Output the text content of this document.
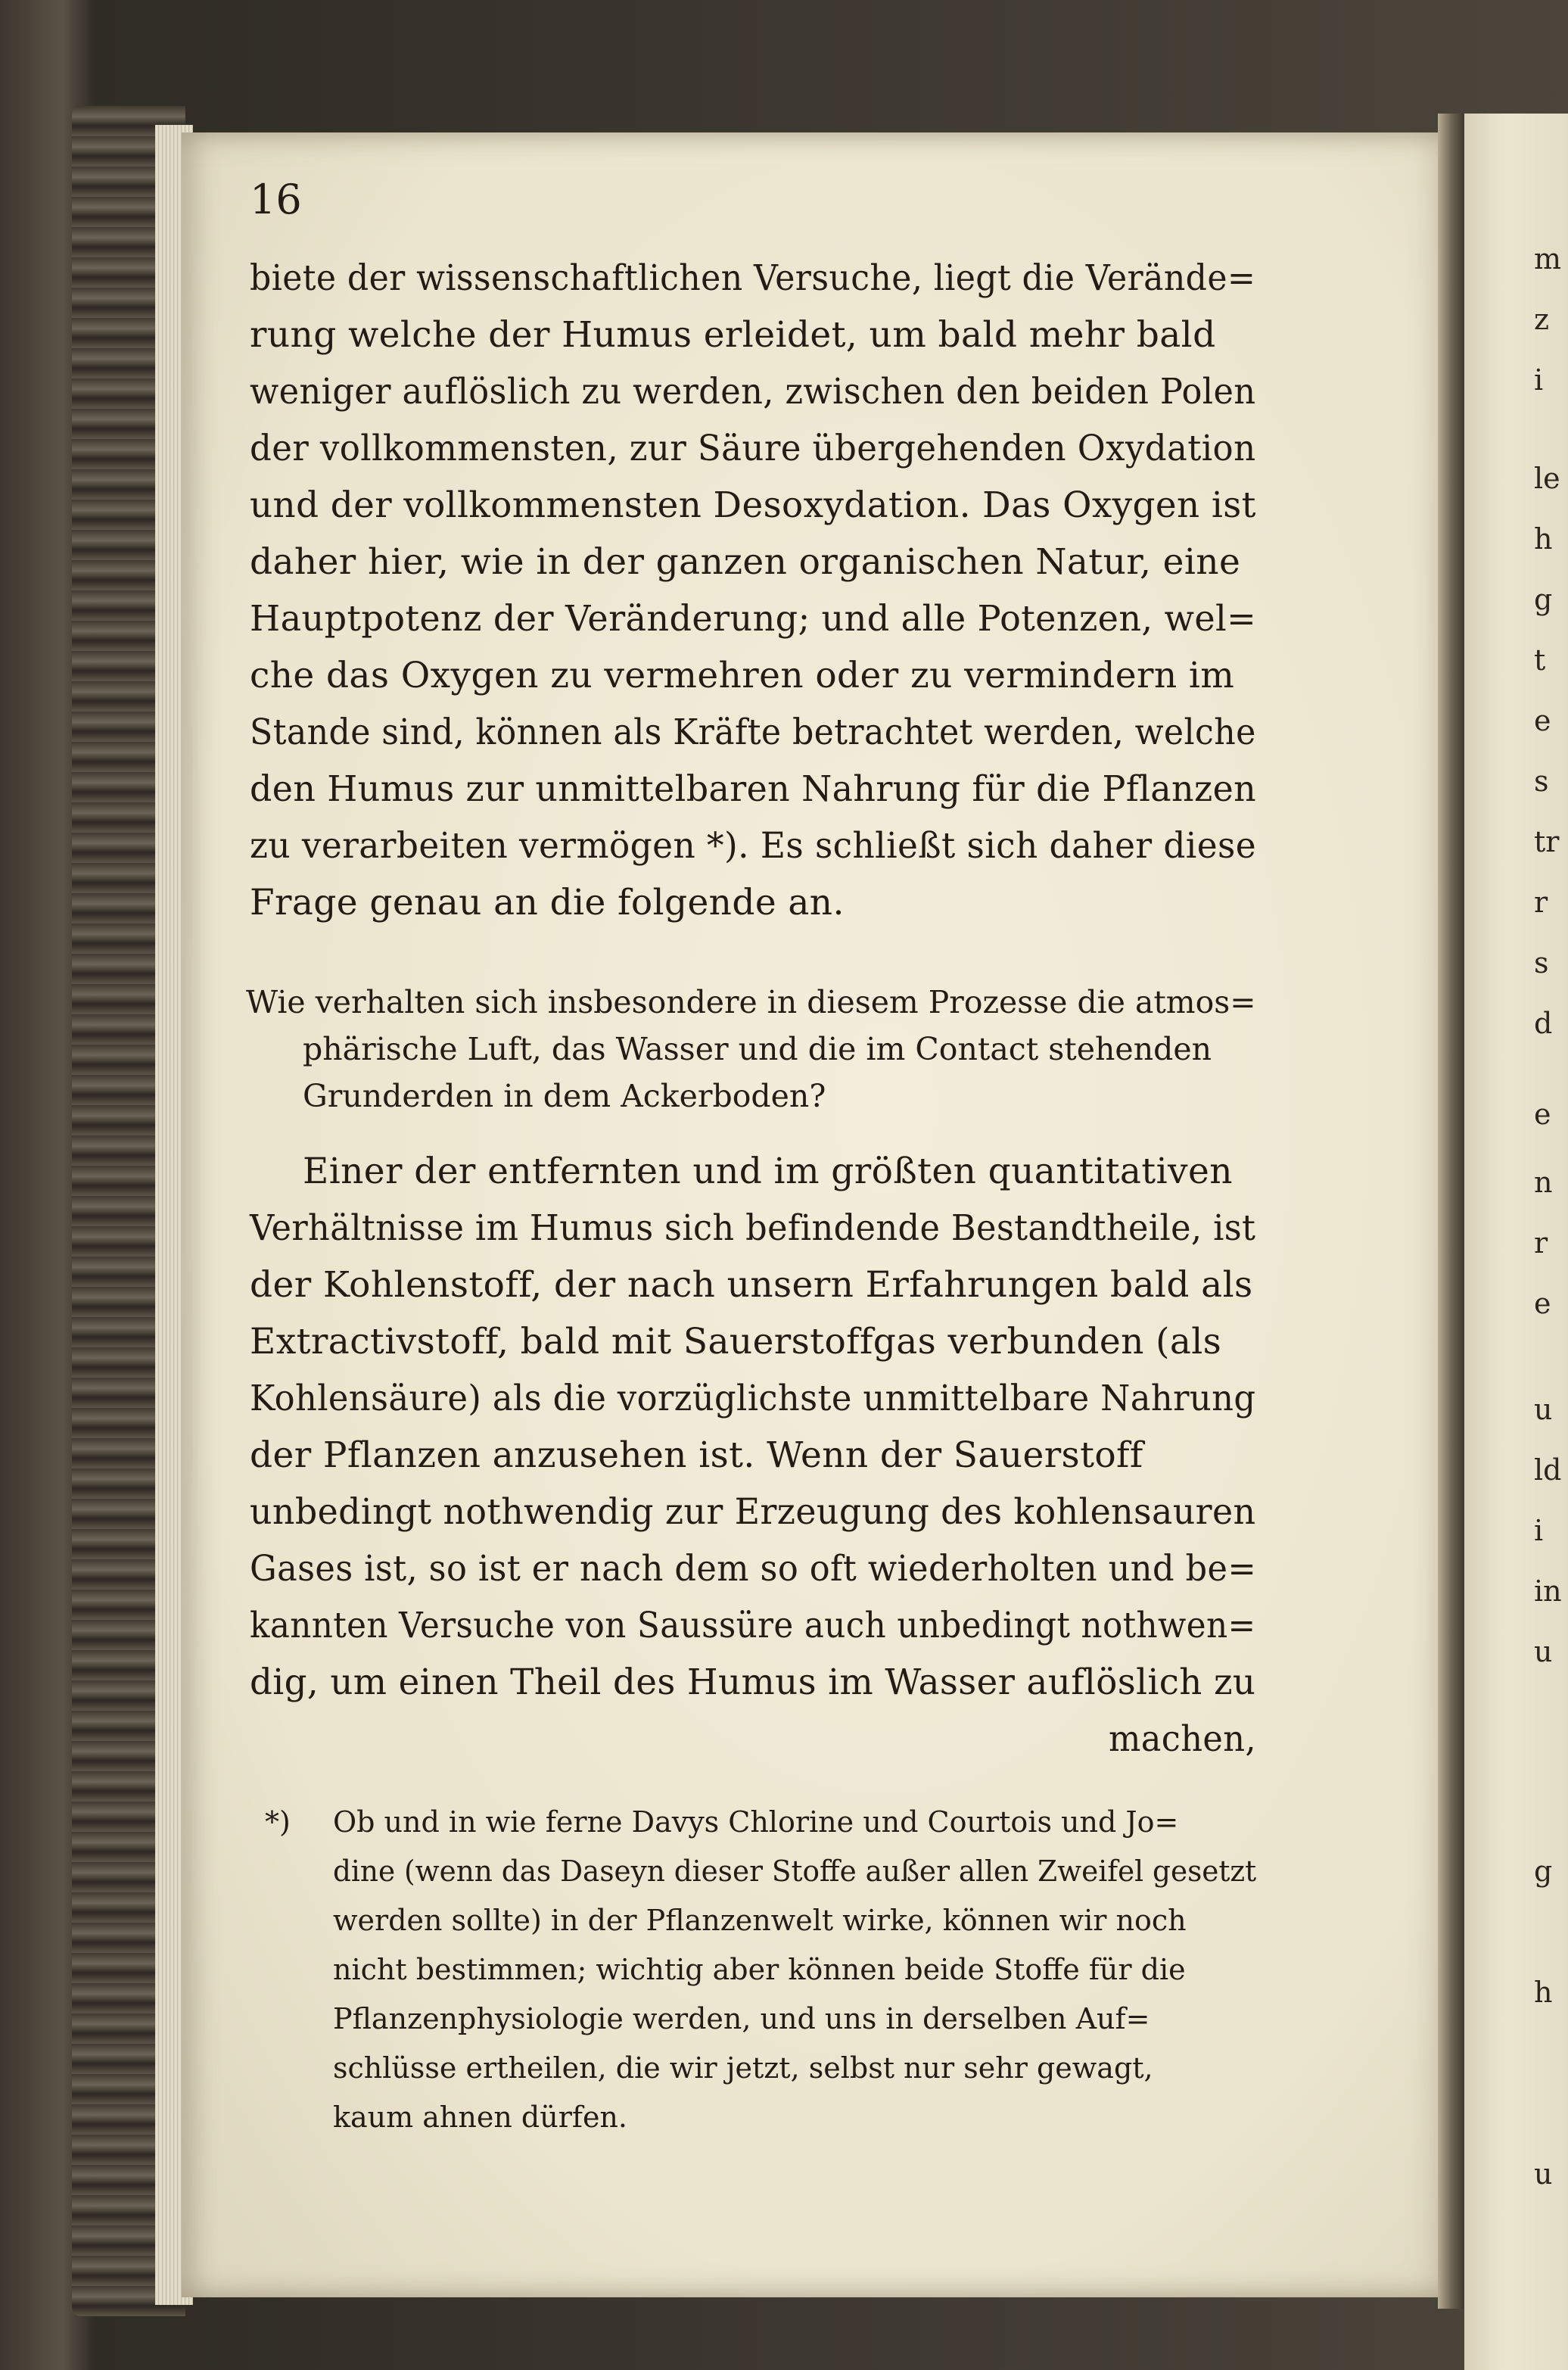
m
z
i
le
h
g
t
e
s
tr
r
s
d
e
n
r
e
u
ld
i
in
u
g
h
u
16
biete der wissenschaftlichen Versuche, liegt die Verände=
rung welche der Humus erleidet, um bald mehr bald
weniger auflöslich zu werden, zwischen den beiden Polen
der vollkommensten, zur Säure übergehenden Oxydation
und der vollkommensten Desoxydation. Das Oxygen ist
daher hier, wie in der ganzen organischen Natur, eine
Hauptpotenz der Veränderung; und alle Potenzen, wel=
che das Oxygen zu vermehren oder zu vermindern im
Stande sind, können als Kräfte betrachtet werden, welche
den Humus zur unmittelbaren Nahrung für die Pflanzen
zu verarbeiten vermögen *). Es schließt sich daher diese
Frage genau an die folgende an.
Wie verhalten sich insbesondere in diesem Prozesse die atmos=
phärische Luft, das Wasser und die im Contact stehenden
Grunderden in dem Ackerboden?
Einer der entfernten und im größten quantitativen
Verhältnisse im Humus sich befindende Bestandtheile, ist
der Kohlenstoff, der nach unsern Erfahrungen bald als
Extractivstoff, bald mit Sauerstoffgas verbunden (als
Kohlensäure) als die vorzüglichste unmittelbare Nahrung
der Pflanzen anzusehen ist. Wenn der Sauerstoff
unbedingt nothwendig zur Erzeugung des kohlensauren
Gases ist, so ist er nach dem so oft wiederholten und be=
kannten Versuche von Saussüre auch unbedingt nothwen=
dig, um einen Theil des Humus im Wasser auflöslich zu
machen,
*) Ob und in wie ferne Davys Chlorine und Courtois und Jo=
dine (wenn das Daseyn dieser Stoffe außer allen Zweifel gesetzt
werden sollte) in der Pflanzenwelt wirke, können wir noch
nicht bestimmen; wichtig aber können beide Stoffe für die
Pflanzenphysiologie werden, und uns in derselben Auf=
schlüsse ertheilen, die wir jetzt, selbst nur sehr gewagt,
kaum ahnen dürfen.
